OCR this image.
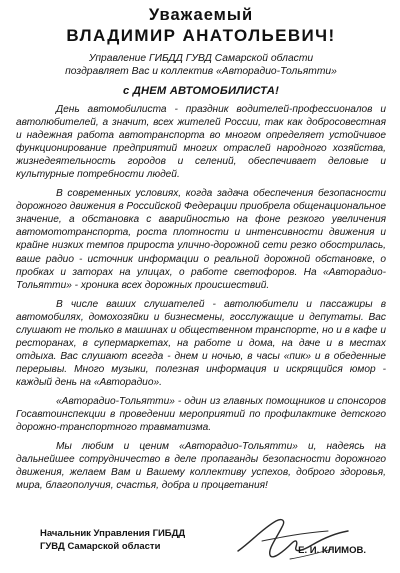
Уважаемый
ВЛАДИМИР АНАТОЛЬЕВИЧ!
Управление ГИБДД ГУВД Самарской области
поздравляет Вас и коллектив «Авторадио-Тольятти»
с ДНЕМ АВТОМОБИЛИСТА!

День автомобилиста - праздник водителей-профессионалов и автолюбителей, а значит, всех жителей России, так как добросовестная и надежная работа автотранспорта во многом определяет устойчивое функционирование предприятий многих отраслей народного хозяйства, жизнедеятельность городов и селений, обеспечивает деловые и культурные потребности людей.

В современных условиях, когда задача обеспечения безопасности дорожного движения в Российской Федерации приобрела общенациональное значение, а обстановка с аварийностью на фоне резкого увеличения автомототранспорта, роста плотности и интенсивности движения и крайне низких темпов прироста улично-дорожной сети резко обострилась, ваше радио - источник информации о реальной дорожной обстановке, о пробках и заторах на улицах, о работе светофоров. На «Авторадио-Тольятти» - хроника всех дорожных происшествий.

В числе ваших слушателей - автолюбители и пассажиры в автомобилях, домохозяйки и бизнесмены, госслужащие и депутаты. Вас слушают не только в машинах и общественном транспорте, но и в кафе и ресторанах, в супермаркетах, на работе и дома, на даче и в местах отдыха. Вас слушают всегда - днем и ночью, в часы «пик» и в обеденные перерывы. Много музыки, полезная информация и искрящийся юмор - каждый день на «Авторадио».

«Авторадио-Тольятти» - один из главных помощников и спонсоров Госавтоинспекции в проведении мероприятий по профилактике детского дорожно-транспортного травматизма.

Мы любим и ценим «Авторадио-Тольятти» и, надеясь на дальнейшее сотрудничество в деле пропаганды безопасности дорожного движения, желаем Вам и Вашему коллективу успехов, доброго здоровья, мира, благополучия, счастья, добра и процветания!

Начальник Управления ГИБДД
ГУВД Самарской области	Е. И. КЛИМОВ.
